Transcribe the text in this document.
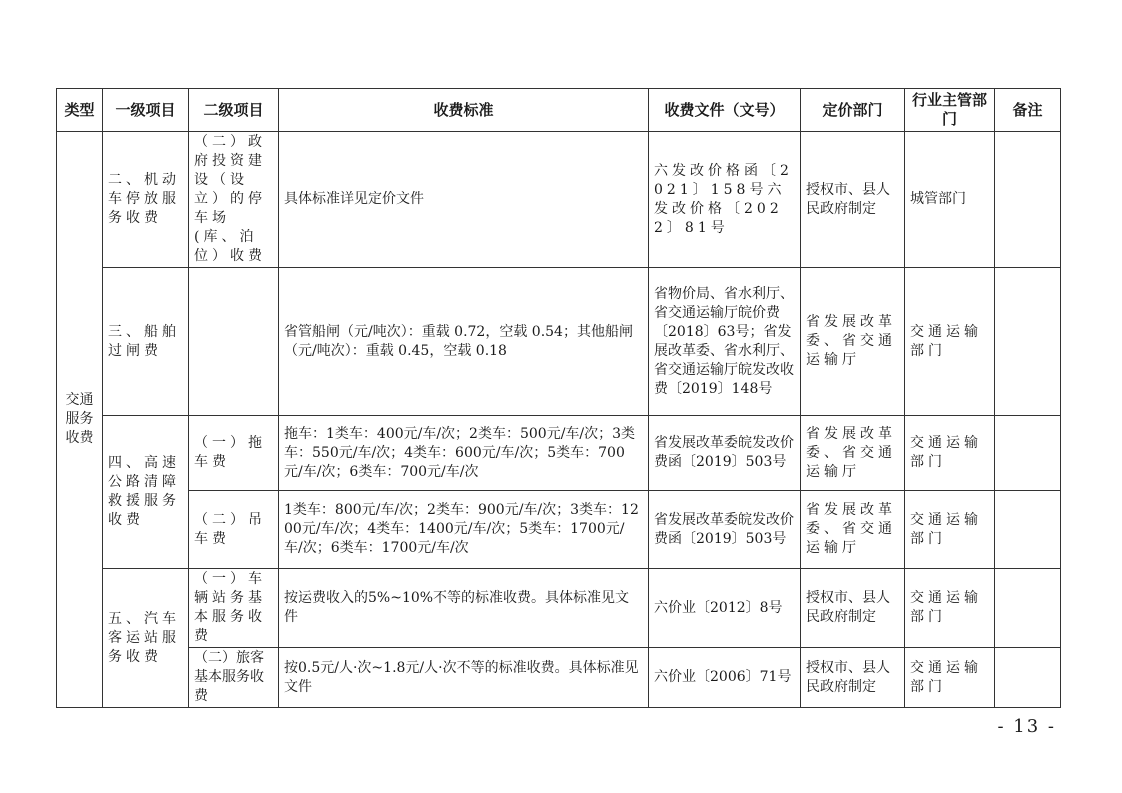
类型	一级项目	二级项目	收费标准	收费文件（文号）	定价部门	行业主管部门	备注
交通服务收费	二、机动车停放服务收费	（二）政府投资建设（设立）的停车场(库、泊位）收费	具体标准详见定价文件	六发改价格函〔2021〕158号六发改价格〔2022〕81号	授权市、县人民政府制定	城管部门	
	三、船舶过闸费		省管船闸（元/吨次）：重载 0.72，空载 0.54；其他船闸（元/吨次）：重载 0.45，空载 0.18	省物价局、省水利厅、省交通运输厅皖价费〔2018〕63号；省发展改革委、省水利厅、省交通运输厅皖发改收费〔2019〕148号	省发展改革委、省交通运输厅	交通运输部门	
	四、高速公路清障救援服务收费	（一）拖车费	拖车：1类车：400元/车/次；2类车：500元/车/次；3类车：550元/车/次；4类车：600元/车/次；5类车：700元/车/次；6类车：700元/车/次	省发展改革委皖发改价费函〔2019〕503号	省发展改革委、省交通运输厅	交通运输部门	
		（二）吊车费	1类车：800元/车/次；2类车：900元/车/次；3类车：1200元/车/次；4类车：1400元/车/次；5类车：1700元/车/次；6类车：1700元/车/次	省发展改革委皖发改价费函〔2019〕503号	省发展改革委、省交通运输厅	交通运输部门	
	五、汽车客运站服务收费	（一）车辆站务基本服务收费	按运费收入的5%~10%不等的标准收费。具体标准见文件	六价业〔2012〕8号	授权市、县人民政府制定	交通运输部门	
		（二）旅客基本服务收费	按0.5元/人·次~1.8元/人·次不等的标准收费。具体标准见文件	六价业〔2006〕71号	授权市、县人民政府制定	交通运输部门	
- 13 -
